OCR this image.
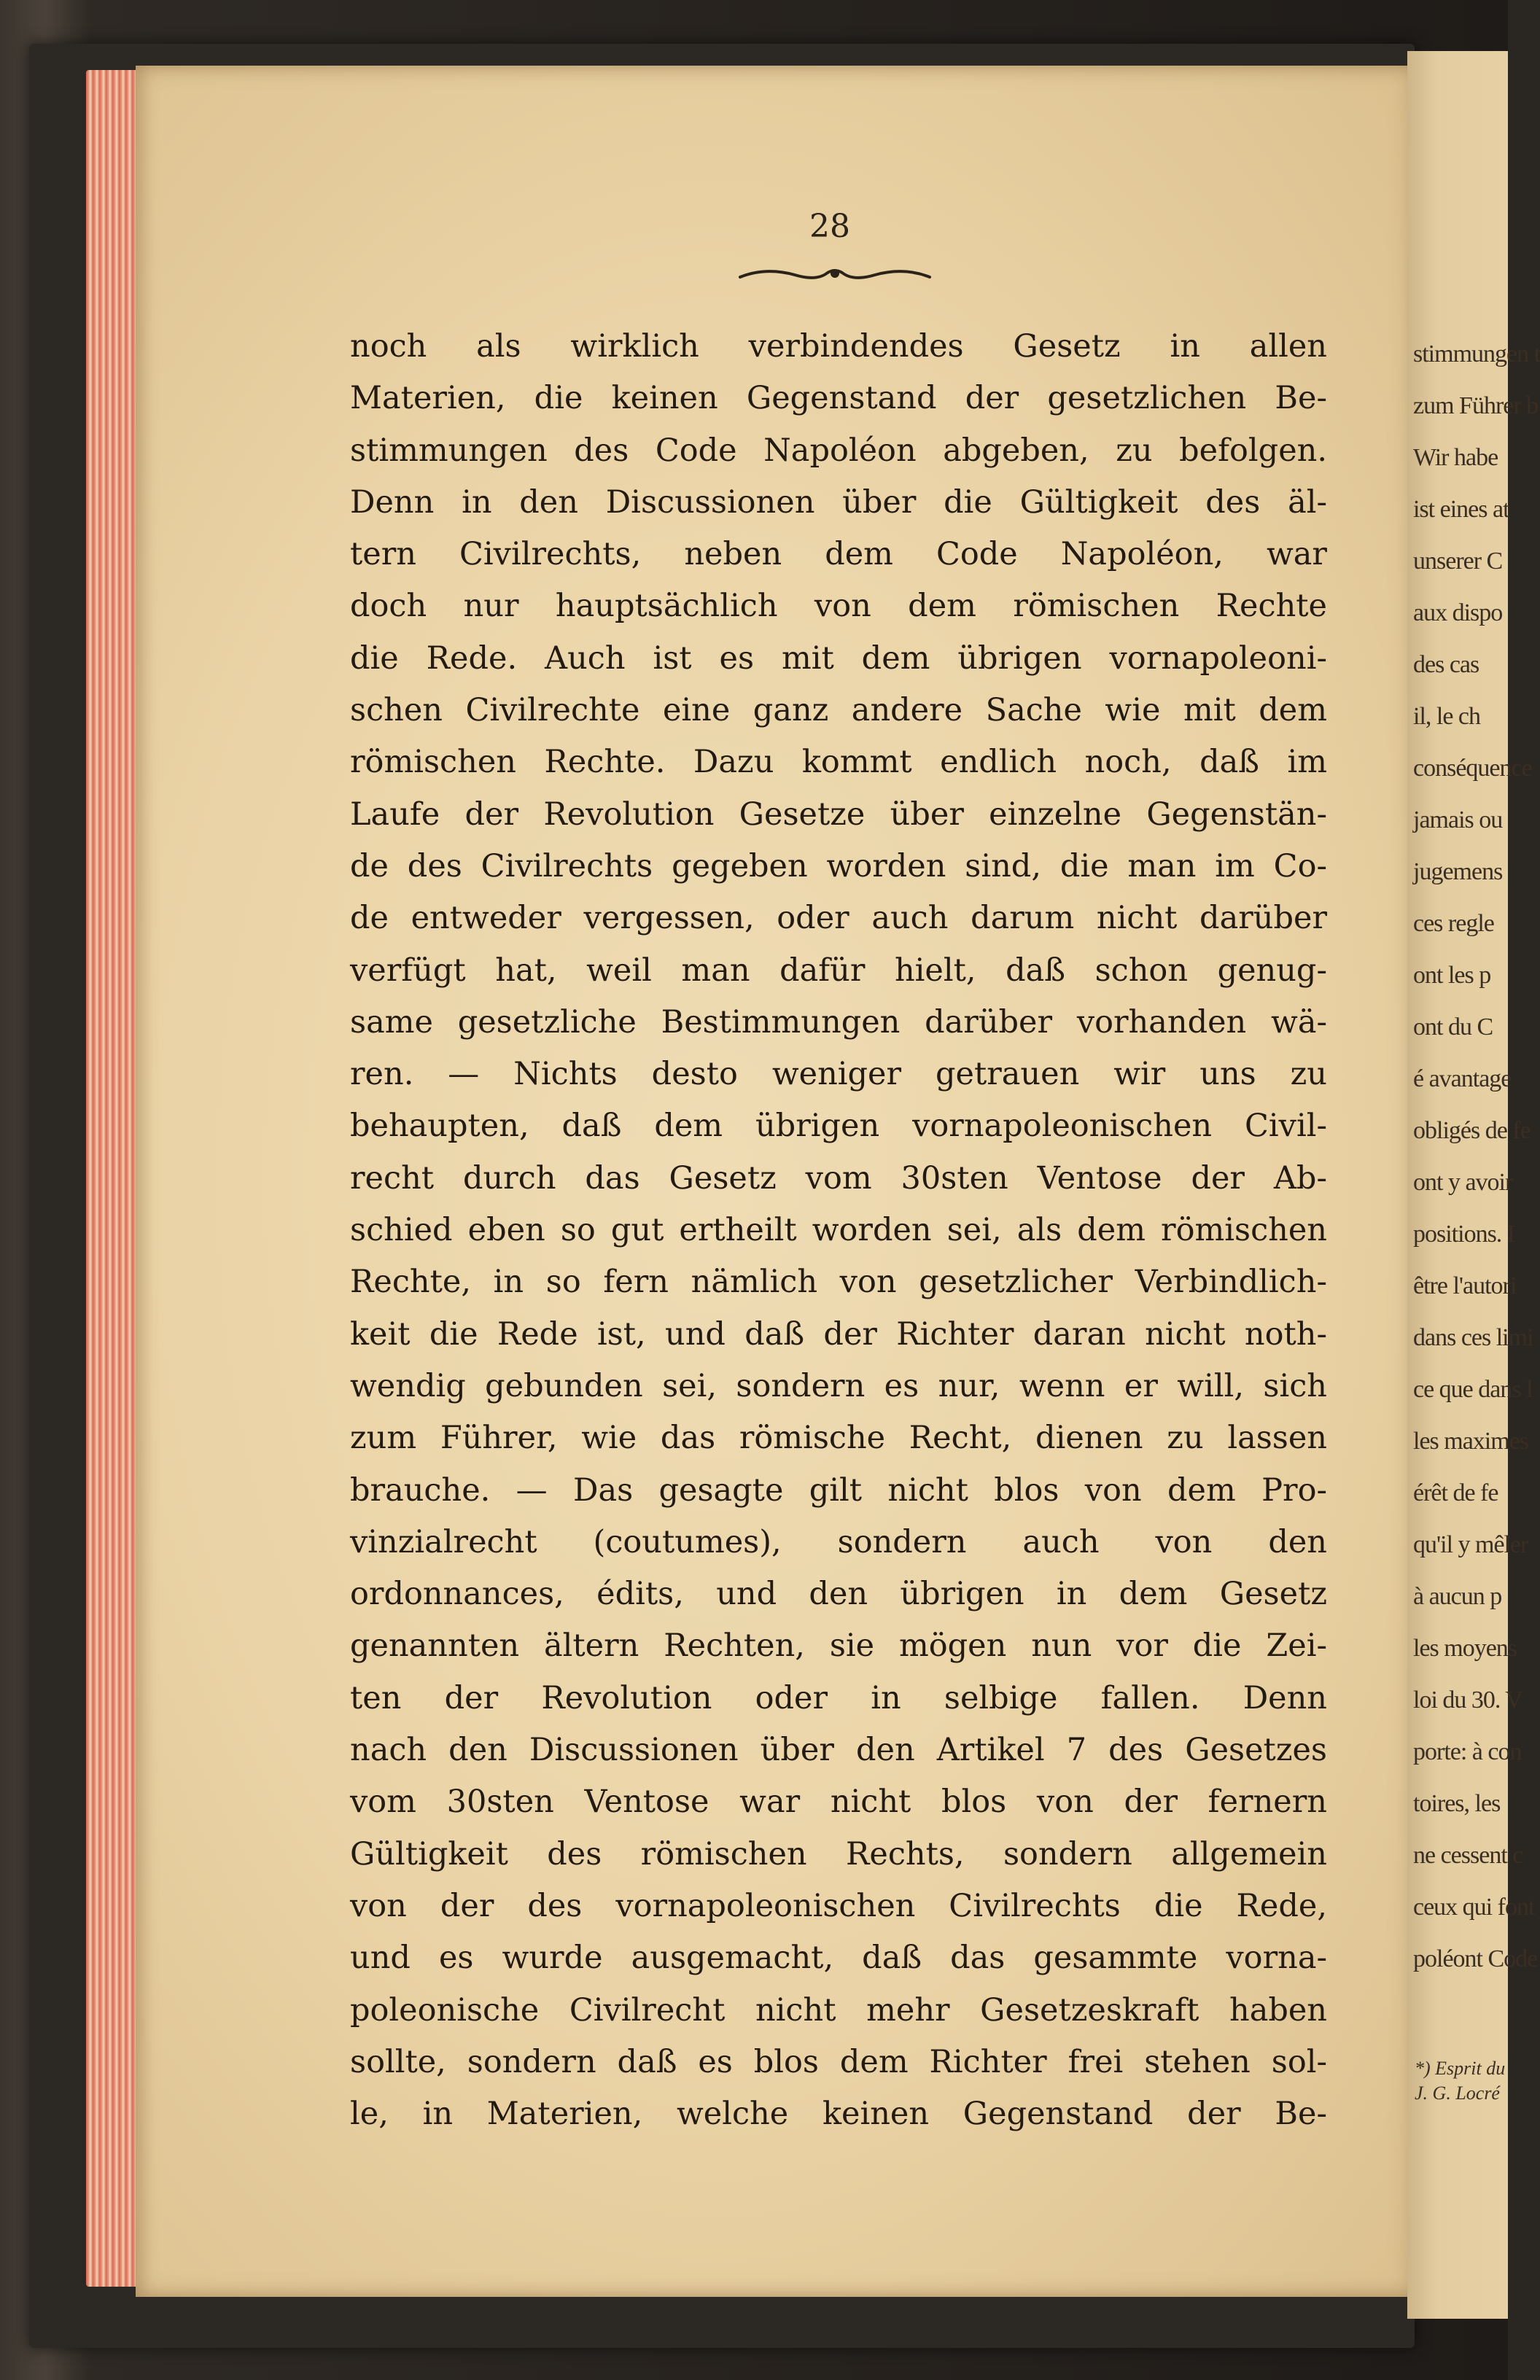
28
noch als wirklich verbindendes Gesetz in allen
Materien, die keinen Gegenstand der gesetzlichen Be-
stimmungen des Code Napoléon abgeben, zu befolgen.
Denn in den Discussionen über die Gültigkeit des äl-
tern Civilrechts, neben dem Code Napoléon, war
doch nur hauptsächlich von dem römischen Rechte
die Rede. Auch ist es mit dem übrigen vornapoleoni-
schen Civilrechte eine ganz andere Sache wie mit dem
römischen Rechte. Dazu kommt endlich noch, daß im
Laufe der Revolution Gesetze über einzelne Gegenstän-
de des Civilrechts gegeben worden sind, die man im Co-
de entweder vergessen, oder auch darum nicht darüber
verfügt hat, weil man dafür hielt, daß schon genug-
same gesetzliche Bestimmungen darüber vorhanden wä-
ren. — Nichts desto weniger getrauen wir uns zu
behaupten, daß dem übrigen vornapoleonischen Civil-
recht durch das Gesetz vom 30sten Ventose der Ab-
schied eben so gut ertheilt worden sei, als dem römischen
Rechte, in so fern nämlich von gesetzlicher Verbindlich-
keit die Rede ist, und daß der Richter daran nicht noth-
wendig gebunden sei, sondern es nur, wenn er will, sich
zum Führer, wie das römische Recht, dienen zu lassen
brauche. — Das gesagte gilt nicht blos von dem Pro-
vinzialrecht (coutumes), sondern auch von den
ordonnances, édits, und den übrigen in dem Gesetz
genannten ältern Rechten, sie mögen nun vor die Zei-
ten der Revolution oder in selbige fallen. Denn
nach den Discussionen über den Artikel 7 des Gesetzes
vom 30sten Ventose war nicht blos von der fernern
Gültigkeit des römischen Rechts, sondern allgemein
von der des vornapoleonischen Civilrechts die Rede,
und es wurde ausgemacht, daß das gesammte vorna-
poleonische Civilrecht nicht mehr Gesetzeskraft haben
sollte, sondern daß es blos dem Richter frei stehen sol-
le, in Materien, welche keinen Gegenstand der Be-
stimmungen t
zum Führer b
Wir habe
ist eines at
unserer C
aux dispo
des cas
il, le ch
conséquence
jamais ou
jugemens
ces regle
ont les p
ont du C
é avantage
obligés de fe
ont y avoir
positions. I
être l'autori
dans ces limi
ce que dans l
les maximes
érêt de fe
qu'il y mêler
à aucun p
les moyens
loi du 30. V
porte: à con
toires, les
ne cessent c
ceux qui font
poléont Code
*) Esprit du
J. G. Locré
